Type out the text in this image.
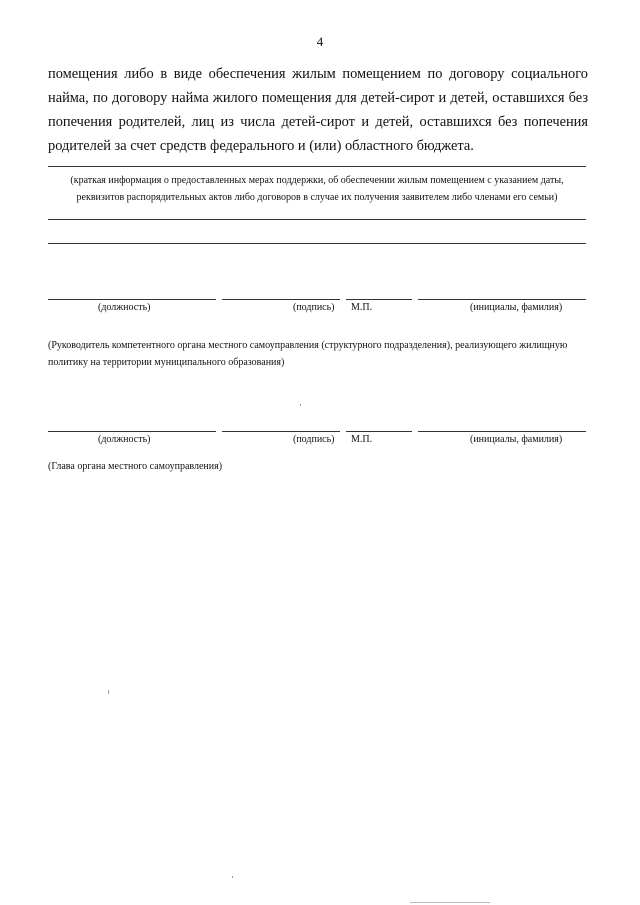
4
помещения либо в виде обеспечения жилым помещением по договору социального найма, по договору найма жилого помещения для детей-сирот и детей, оставшихся без попечения родителей, лиц из числа детей-сирот и детей, оставшихся без попечения родителей за счет средств федерального и (или) областного бюджета.
(краткая информация о предоставленных мерах поддержки, об обеспечении жилым помещением с указанием даты,
реквизитов распорядительных актов либо договоров в случае их получения заявителем либо членами его семьи)
(должность)	(подпись) М.П.	(инициалы, фамилия)
(Руководитель компетентного органа местного самоуправления (структурного подразделения), реализующего жилищную политику на территории муниципального образования)
(должность)	(подпись) М.П.	(инициалы, фамилия)
(Глава органа местного самоуправления)
